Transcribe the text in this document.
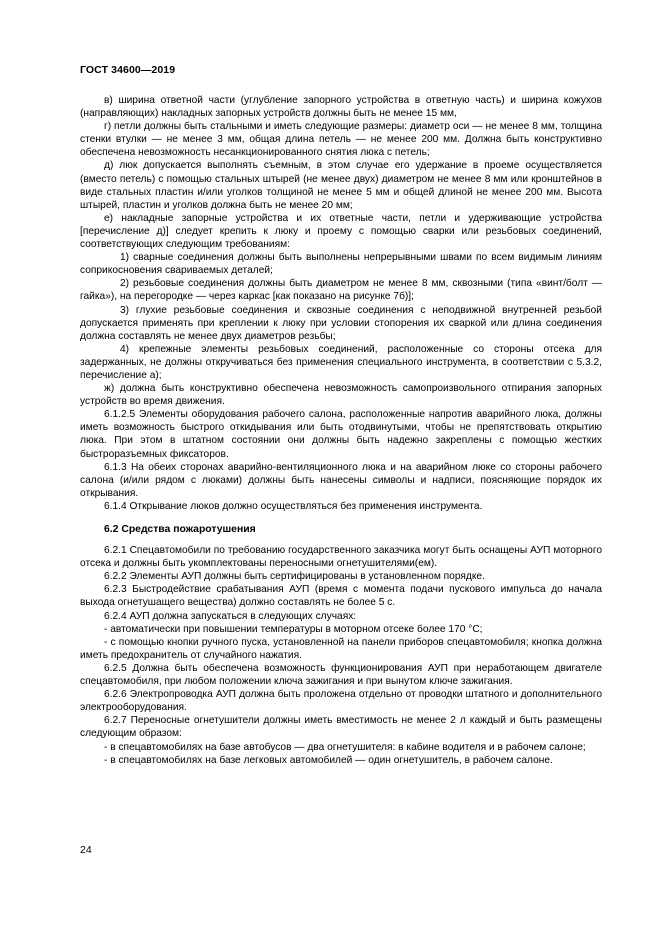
ГОСТ 34600—2019

в) ширина ответной части (углубление запорного устройства в ответную часть) и ширина кожухов (направляющих) накладных запорных устройств должны быть не менее 15 мм,

г) петли должны быть стальными и иметь следующие размеры: диаметр оси — не менее 8 мм, толщина стенки втулки — не менее 3 мм, общая длина петель — не менее 200 мм. Должна быть конструктивно обеспечена невозможность несанкционированного снятия люка с петель;

д) люк допускается выполнять съемным, в этом случае его удержание в проеме осуществляется (вместо петель) с помощью стальных штырей (не менее двух) диаметром не менее 8 мм или кронштейнов в виде стальных пластин и/или уголков толщиной не менее 5 мм и общей длиной не менее 200 мм. Высота штырей, пластин и уголков должна быть не менее 20 мм;

е) накладные запорные устройства и их ответные части, петли и удерживающие устройства [перечисление д)] следует крепить к люку и проему с помощью сварки или резьбовых соединений, соответствующих следующим требованиям:

1) сварные соединения должны быть выполнены непрерывными швами по всем видимым линиям соприкосновения свариваемых деталей;

2) резьбовые соединения должны быть диаметром не менее 8 мм, сквозными (типа «винт/болт — гайка»), на перегородке — через каркас [как показано на рисунке 7б)];

3) глухие резьбовые соединения и сквозные соединения с неподвижной внутренней резьбой допускается применять при креплении к люку при условии стопорения их сваркой или длина соединения должна составлять не менее двух диаметров резьбы;

4) крепежные элементы резьбовых соединений, расположенные со стороны отсека для задержанных, не должны откручиваться без применения специального инструмента, в соответствии с 5.3.2, перечисление а);

ж) должна быть конструктивно обеспечена невозможность самопроизвольного отпирания запорных устройств во время движения.

6.1.2.5 Элементы оборудования рабочего салона, расположенные напротив аварийного люка, должны иметь возможность быстрого откидывания или быть отодвинутыми, чтобы не препятствовать открытию люка. При этом в штатном состоянии они должны быть надежно закреплены с помощью жестких быстроразъемных фиксаторов.

6.1.3 На обеих сторонах аварийно-вентиляционного люка и на аварийном люке со стороны рабочего салона (и/или рядом с люками) должны быть нанесены символы и надписи, поясняющие порядок их открывания.

6.1.4 Открывание люков должно осуществляться без применения инструмента.

6.2 Средства пожаротушения

6.2.1 Спецавтомобили по требованию государственного заказчика могут быть оснащены АУП моторного отсека и должны быть укомплектованы переносными огнетушителями(ем).

6.2.2 Элементы АУП должны быть сертифицированы в установленном порядке.

6.2.3 Быстродействие срабатывания АУП (время с момента подачи пускового импульса до начала выхода огнетушащего вещества) должно составлять не более 5 с.

6.2.4 АУП должна запускаться в следующих случаях:

- автоматически при повышении температуры в моторном отсеке более 170 °С;

- с помощью кнопки ручного пуска, установленной на панели приборов спецавтомобиля; кнопка должна иметь предохранитель от случайного нажатия.

6.2.5 Должна быть обеспечена возможность функционирования АУП при неработающем двигателе спецавтомобиля, при любом положении ключа зажигания и при вынутом ключе зажигания.

6.2.6 Электропроводка АУП должна быть проложена отдельно от проводки штатного и дополнительного электрооборудования.

6.2.7 Переносные огнетушители должны иметь вместимость не менее 2 л каждый и быть размещены следующим образом:

- в спецавтомобилях на базе автобусов — два огнетушителя: в кабине водителя и в рабочем салоне;

- в спецавтомобилях на базе легковых автомобилей — один огнетушитель, в рабочем салоне.

24
